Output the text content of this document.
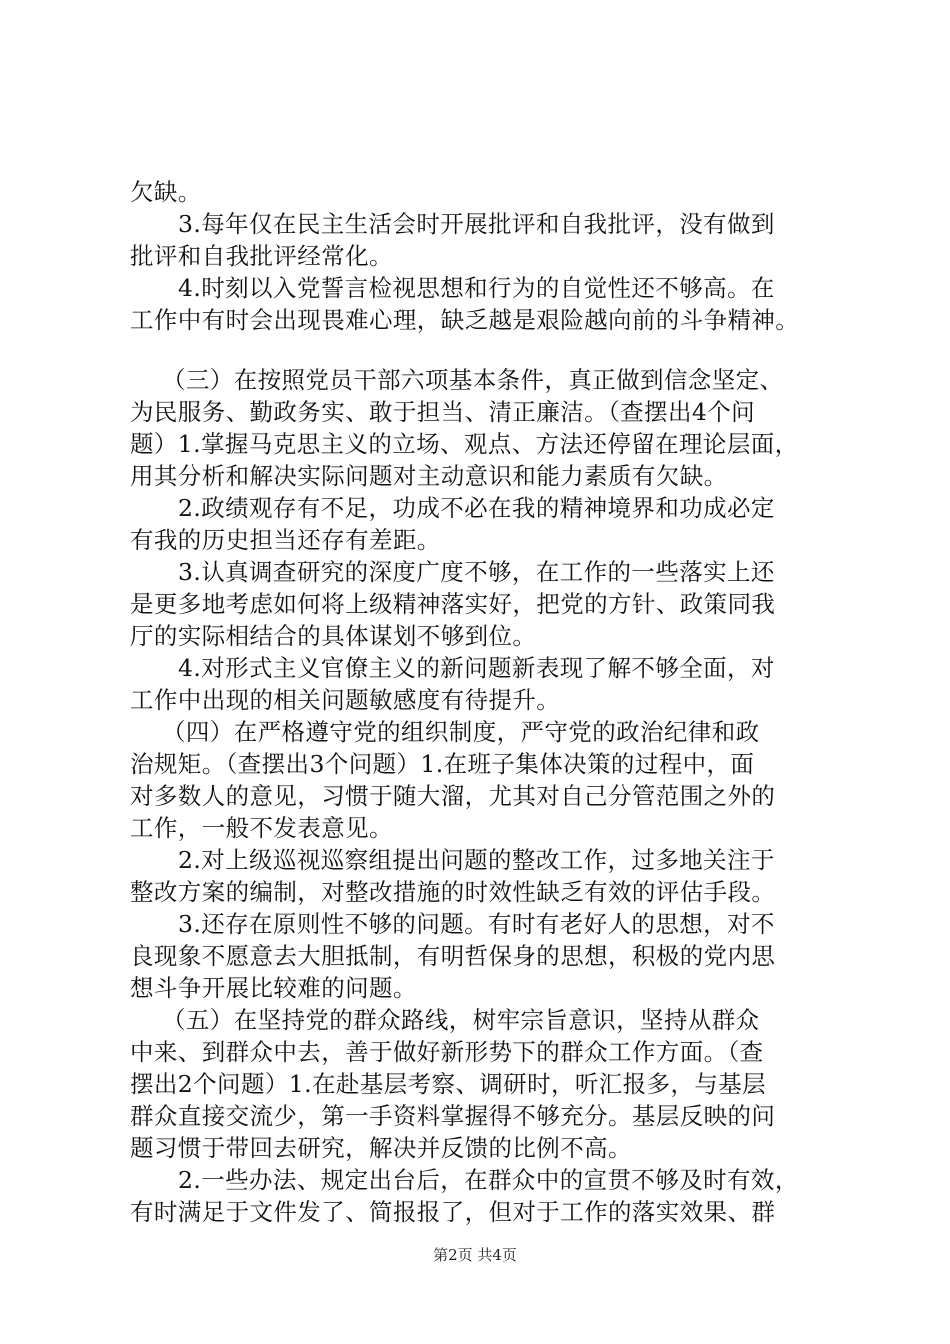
欠缺。
3.每年仅在民主生活会时开展批评和自我批评，没有做到
批评和自我批评经常化。
4.时刻以入党誓言检视思想和行为的自觉性还不够高。在
工作中有时会出现畏难心理，缺乏越是艰险越向前的斗争精神。
（三）在按照党员干部六项基本条件，真正做到信念坚定、
为民服务、勤政务实、敢于担当、清正廉洁。（查摆出4个问
题）1.掌握马克思主义的立场、观点、方法还停留在理论层面，
用其分析和解决实际问题对主动意识和能力素质有欠缺。
2.政绩观存有不足，功成不必在我的精神境界和功成必定
有我的历史担当还存有差距。
3.认真调查研究的深度广度不够，在工作的一些落实上还
是更多地考虑如何将上级精神落实好，把党的方针、政策同我
厅的实际相结合的具体谋划不够到位。
4.对形式主义官僚主义的新问题新表现了解不够全面，对
工作中出现的相关问题敏感度有待提升。
（四）在严格遵守党的组织制度，严守党的政治纪律和政
治规矩。（查摆出3个问题）1.在班子集体决策的过程中，面
对多数人的意见，习惯于随大溜，尤其对自己分管范围之外的
工作，一般不发表意见。
2.对上级巡视巡察组提出问题的整改工作，过多地关注于
整改方案的编制，对整改措施的时效性缺乏有效的评估手段。
3.还存在原则性不够的问题。有时有老好人的思想，对不
良现象不愿意去大胆抵制，有明哲保身的思想，积极的党内思
想斗争开展比较难的问题。
（五）在坚持党的群众路线，树牢宗旨意识，坚持从群众
中来、到群众中去，善于做好新形势下的群众工作方面。（查
摆出2个问题）1.在赴基层考察、调研时，听汇报多，与基层
群众直接交流少，第一手资料掌握得不够充分。基层反映的问
题习惯于带回去研究，解决并反馈的比例不高。
2.一些办法、规定出台后，在群众中的宣贯不够及时有效，
有时满足于文件发了、简报报了，但对于工作的落实效果、群
第2页 共4页
